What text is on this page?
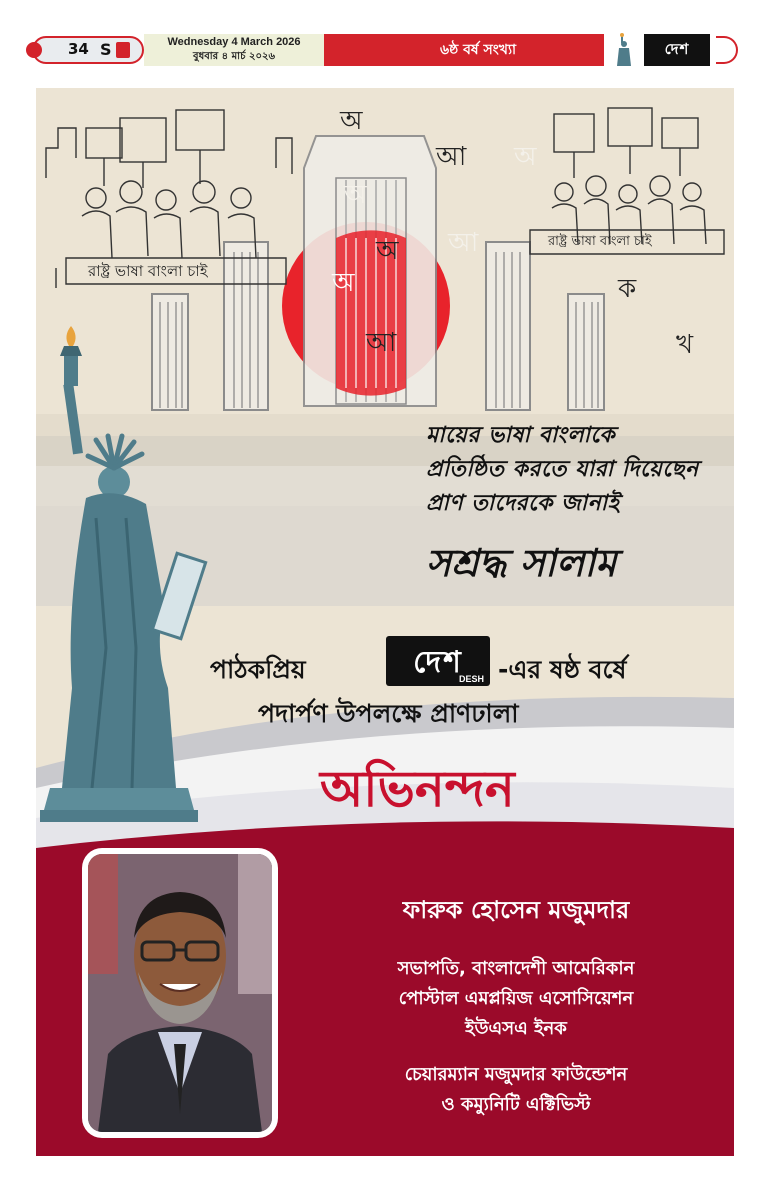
34 S	Wednesday 4 March 2026
বুধবার ৪ মার্চ ২০২৬	৬ষ্ঠ বর্ষ সংখ্যা	দেশ
অ
আ অ
অ
অ আ
অ
আ
ক
খ
রাষ্ট্র ভাষা বাংলা চাই
রাষ্ট্র ভাষা বাংলা চাই
মায়ের ভাষা বাংলাকে
প্রতিষ্ঠিত করতে যারা দিয়েছেন
প্রাণ তাদেরকে জানাই
সশ্রদ্ধ সালাম
পাঠকপ্রিয়	দেশ
DESH -এর ষষ্ঠ বর্ষে
পদার্পণ উপলক্ষে প্রাণঢালা
অভিনন্দন
ফারুক হোসেন মজুমদার
সভাপতি, বাংলাদেশী আমেরিকান
পোস্টাল এমপ্লয়িজ এসোসিয়েশন
ইউএসএ ইনক
চেয়ারম্যান মজুমদার ফাউন্ডেশন
ও কম্যুনিটি এক্টিভিস্ট
